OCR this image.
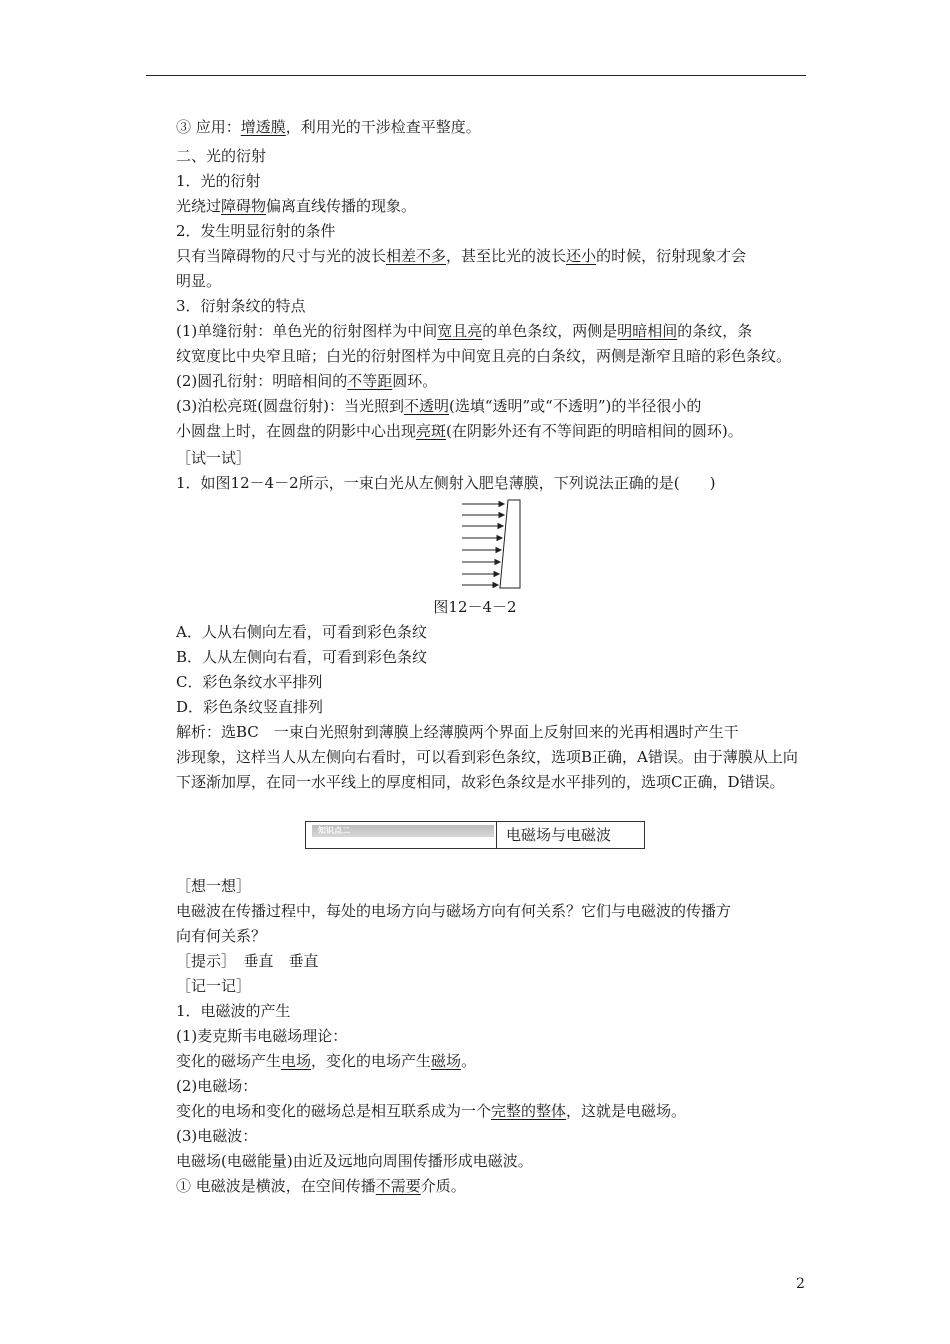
③ 应用：增透膜，利用光的干涉检查平整度。
二、光的衍射
1．光的衍射
光绕过障碍物偏离直线传播的现象。
2．发生明显衍射的条件
只有当障碍物的尺寸与光的波长相差不多，甚至比光的波长还小的时候，衍射现象才会
明显。
3．衍射条纹的特点
(1)单缝衍射：单色光的衍射图样为中间宽且亮的单色条纹，两侧是明暗相间的条纹，条
纹宽度比中央窄且暗；白光的衍射图样为中间宽且亮的白条纹，两侧是渐窄且暗的彩色条纹。
(2)圆孔衍射：明暗相间的不等距圆环。
(3)泊松亮斑(圆盘衍射)：当光照到不透明(选填“透明”或“不透明”)的半径很小的
小圆盘上时，在圆盘的阴影中心出现亮斑(在阴影外还有不等间距的明暗相间的圆环)。
［试一试］
1．如图12－4－2所示，一束白光从左侧射入肥皂薄膜，下列说法正确的是(　　)
图12－4－2
A．人从右侧向左看，可看到彩色条纹
B．人从左侧向右看，可看到彩色条纹
C．彩色条纹水平排列
D．彩色条纹竖直排列
解析：选BC　一束白光照射到薄膜上经薄膜两个界面上反射回来的光再相遇时产生干
涉现象，这样当人从左侧向右看时，可以看到彩色条纹，选项B正确，A错误。由于薄膜从上向
下逐渐加厚，在同一水平线上的厚度相同，故彩色条纹是水平排列的，选项C正确，D错误。
知识点二	电磁场与电磁波
［想一想］
电磁波在传播过程中，每处的电场方向与磁场方向有何关系？它们与电磁波的传播方
向有何关系？
［提示］　垂直　垂直
［记一记］
1．电磁波的产生
(1)麦克斯韦电磁场理论：
变化的磁场产生电场，变化的电场产生磁场。
(2)电磁场：
变化的电场和变化的磁场总是相互联系成为一个完整的整体，这就是电磁场。
(3)电磁波：
电磁场(电磁能量)由近及远地向周围传播形成电磁波。
① 电磁波是横波，在空间传播不需要介质。
2
